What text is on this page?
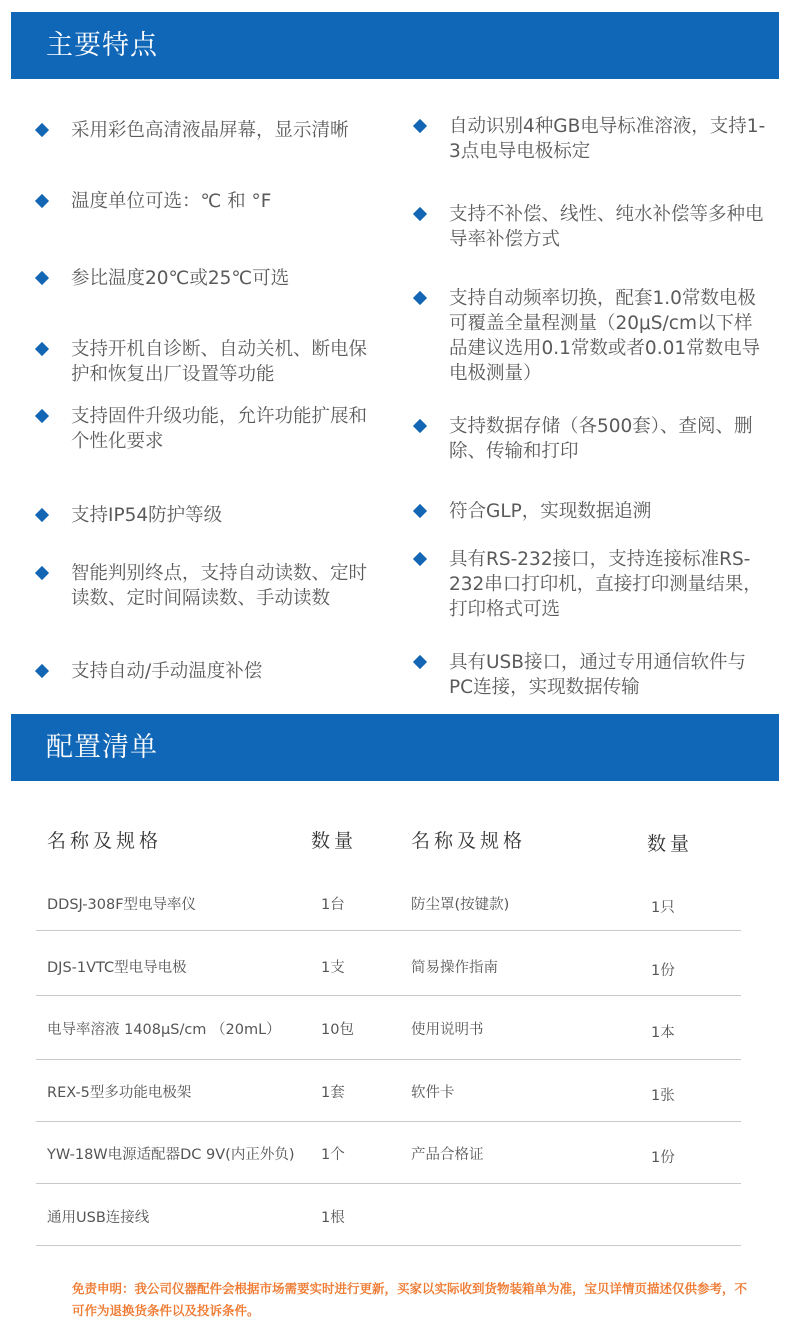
主要特点
采用彩色高清液晶屏幕，显示清晰
温度单位可选：℃ 和 °F
参比温度20℃或25℃可选
支持开机自诊断、自动关机、断电保护和恢复出厂设置等功能
支持固件升级功能，允许功能扩展和个性化要求
支持IP54防护等级
智能判别终点，支持自动读数、定时读数、定时间隔读数、手动读数
支持自动/手动温度补偿
自动识别4种GB电导标准溶液，支持1-3点电导电极标定
支持不补偿、线性、纯水补偿等多种电导率补偿方式
支持自动频率切换，配套1.0常数电极可覆盖全量程测量（20μS/cm以下样品建议选用0.1常数或者0.01常数电导电极测量）
支持数据存储（各500套）、查阅、删除、传输和打印
符合GLP，实现数据追溯
具有RS-232接口，支持连接标准RS-232串口打印机，直接打印测量结果，打印格式可选
具有USB接口，通过专用通信软件与PC连接，实现数据传输
配置清单
名称及规格	数量	名称及规格	数量
DDSJ-308F型电导率仪	1台	防尘罩(按键款)	1只
DJS-1VTC型电导电极	1支	简易操作指南	1份
电导率溶液 1408μS/cm （20mL）	10包	使用说明书	1本
REX-5型多功能电极架	1套	软件卡	1张
YW-18W电源适配器DC 9V(内正外负) 1个	产品合格证	1份
通用USB连接线	1根
免责申明：我公司仪器配件会根据市场需要实时进行更新，买家以实际收到货物装箱单为准，宝贝详情页描述仅供参考，不可作为退换货条件以及投诉条件。
